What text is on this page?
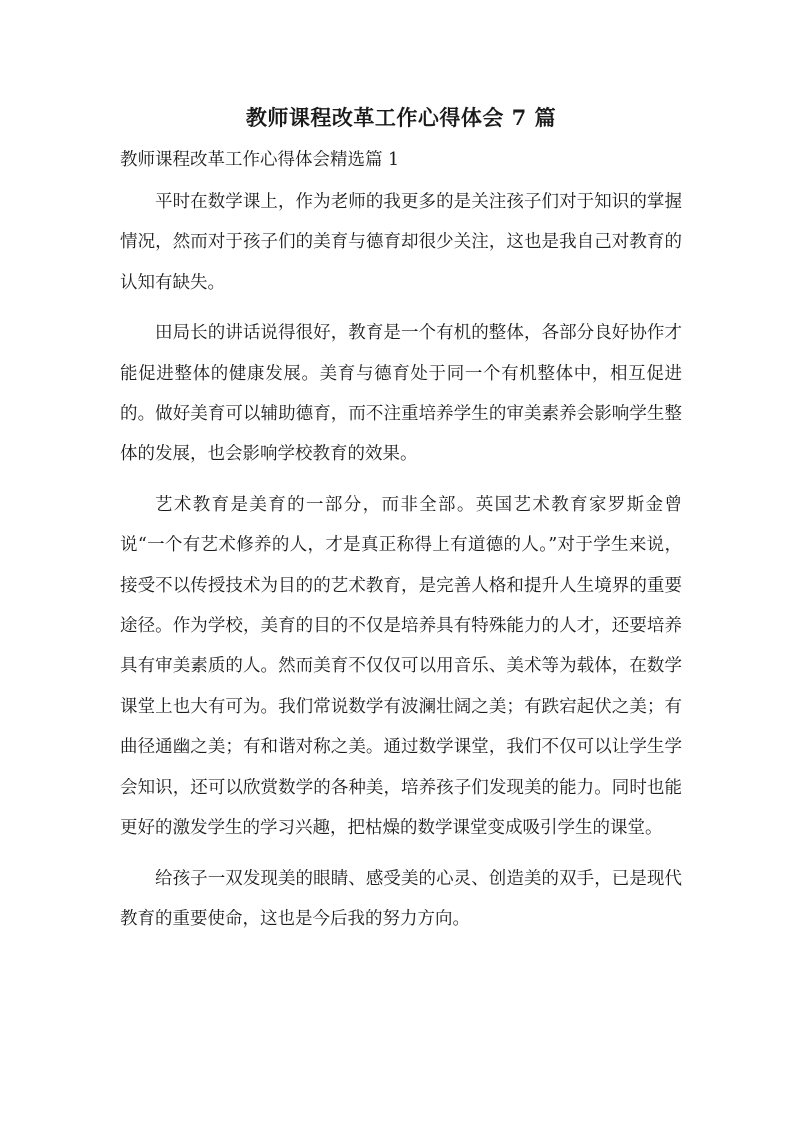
教师课程改革工作心得体会 7 篇
教师课程改革工作心得体会精选篇 1

平时在数学课上，作为老师的我更多的是关注孩子们对于知识的掌握情况，然而对于孩子们的美育与德育却很少关注，这也是我自己对教育的认知有缺失。

田局长的讲话说得很好，教育是一个有机的整体，各部分良好协作才能促进整体的健康发展。美育与德育处于同一个有机整体中，相互促进的。做好美育可以辅助德育，而不注重培养学生的审美素养会影响学生整体的发展，也会影响学校教育的效果。

艺术教育是美育的一部分，而非全部。英国艺术教育家罗斯金曾说“一个有艺术修养的人，才是真正称得上有道德的人。”对于学生来说，接受不以传授技术为目的的艺术教育，是完善人格和提升人生境界的重要途径。作为学校，美育的目的不仅是培养具有特殊能力的人才，还要培养具有审美素质的人。然而美育不仅仅可以用音乐、美术等为载体，在数学课堂上也大有可为。我们常说数学有波澜壮阔之美；有跌宕起伏之美；有曲径通幽之美；有和谐对称之美。通过数学课堂，我们不仅可以让学生学会知识，还可以欣赏数学的各种美，培养孩子们发现美的能力。同时也能更好的激发学生的学习兴趣，把枯燥的数学课堂变成吸引学生的课堂。

给孩子一双发现美的眼睛、感受美的心灵、创造美的双手，已是现代教育的重要使命，这也是今后我的努力方向。
